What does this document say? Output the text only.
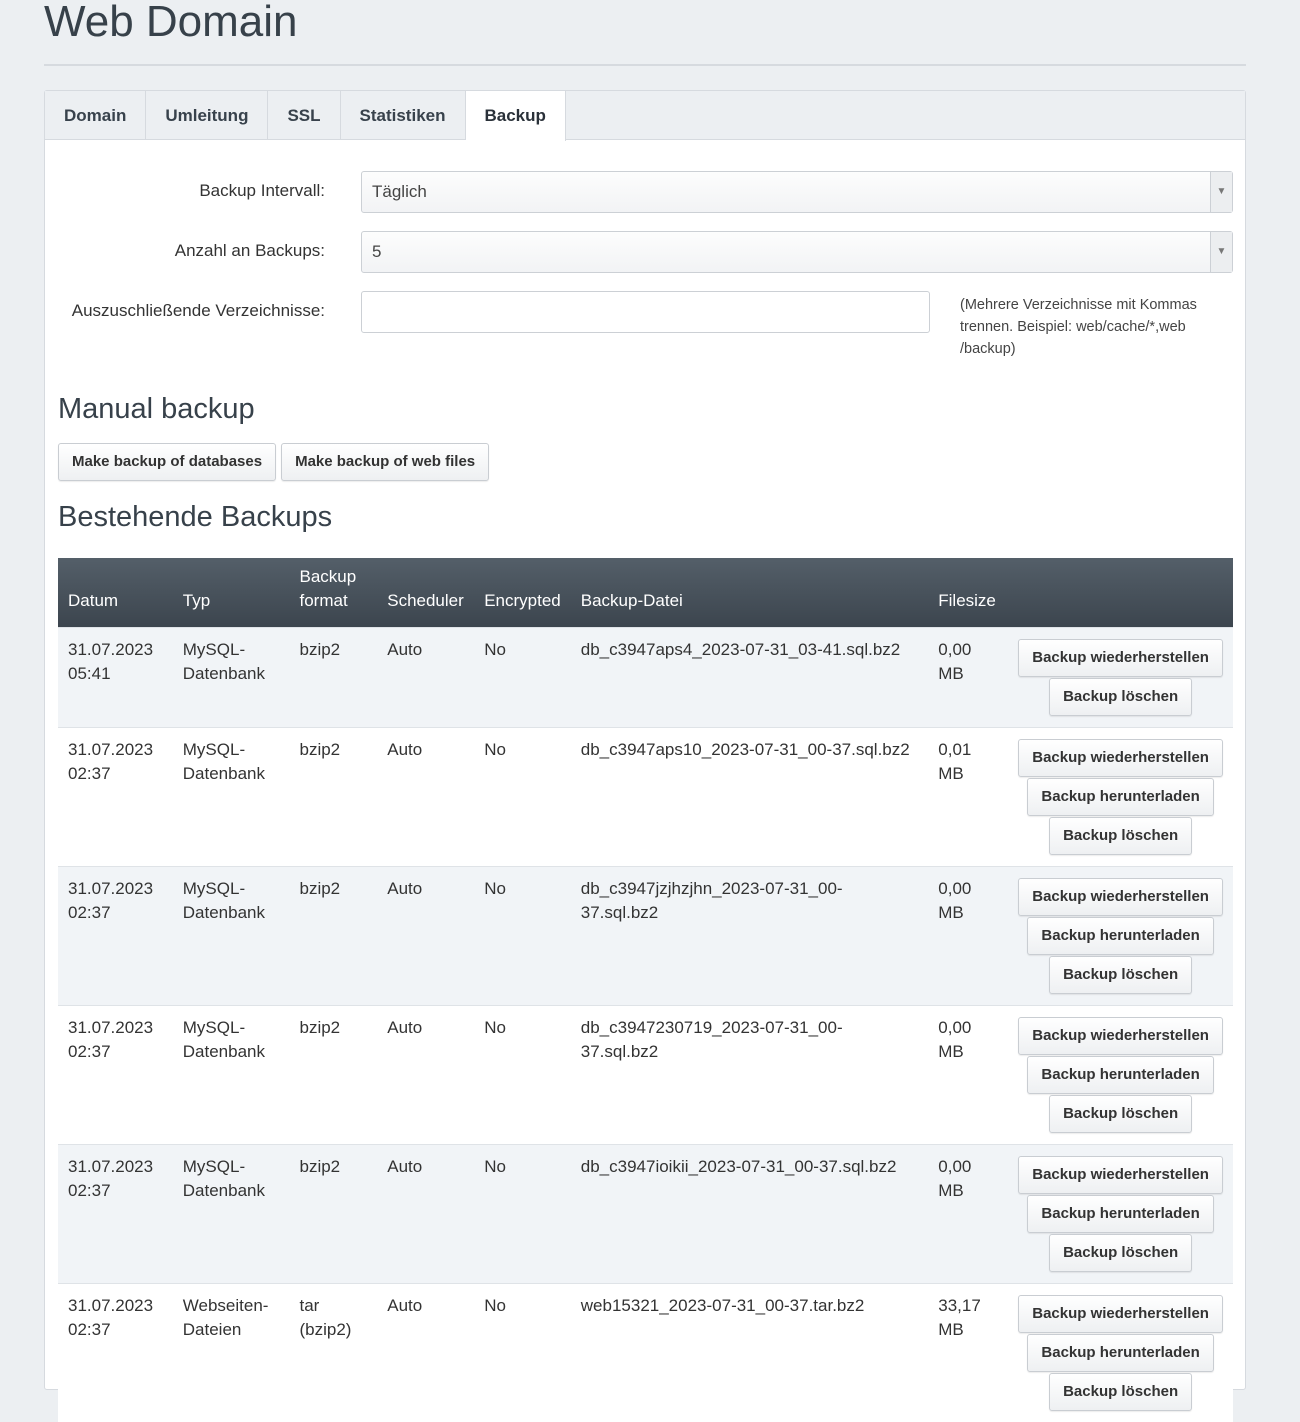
Web Domain
Domain	Umleitung	SSL	Statistiken	Backup
Backup Intervall:	Täglich	▼
Anzahl an Backups:	5	▼
Auszuschließende Verzeichnisse:	(Mehrere Verzeichnisse mit Kommas trennen. Beispiel: web/cache/*,web /backup)
Manual backup
Make backup of databases	Make backup of web files
Bestehende Backups
Datum	Typ	Backup format	Scheduler	Encrypted	Backup-Datei	Filesize	
31.07.2023 05:41	MySQL-Datenbank	bzip2	Auto	No	db_c3947aps4_2023-07-31_03-41.sql.bz2	0,00 MB	Backup wiederherstellen
Backup löschen

31.07.2023 02:37	MySQL-Datenbank	bzip2	Auto	No	db_c3947aps10_2023-07-31_00-37.sql.bz2	0,01 MB	Backup wiederherstellen
Backup herunterladen
Backup löschen

31.07.2023 02:37	MySQL-Datenbank	bzip2	Auto	No	db_c3947jzjhzjhn_2023-07-31_00-37.sql.bz2	0,00 MB	Backup wiederherstellen
Backup herunterladen
Backup löschen

31.07.2023 02:37	MySQL-Datenbank	bzip2	Auto	No	db_c3947230719_2023-07-31_00-37.sql.bz2	0,00 MB	Backup wiederherstellen
Backup herunterladen
Backup löschen

31.07.2023 02:37	MySQL-Datenbank	bzip2	Auto	No	db_c3947ioikii_2023-07-31_00-37.sql.bz2	0,00 MB	Backup wiederherstellen
Backup herunterladen
Backup löschen

31.07.2023 02:37	Webseiten-Dateien	tar (bzip2)	Auto	No	web15321_2023-07-31_00-37.tar.bz2	33,17 MB	Backup wiederherstellen
Backup herunterladen
Backup löschen
